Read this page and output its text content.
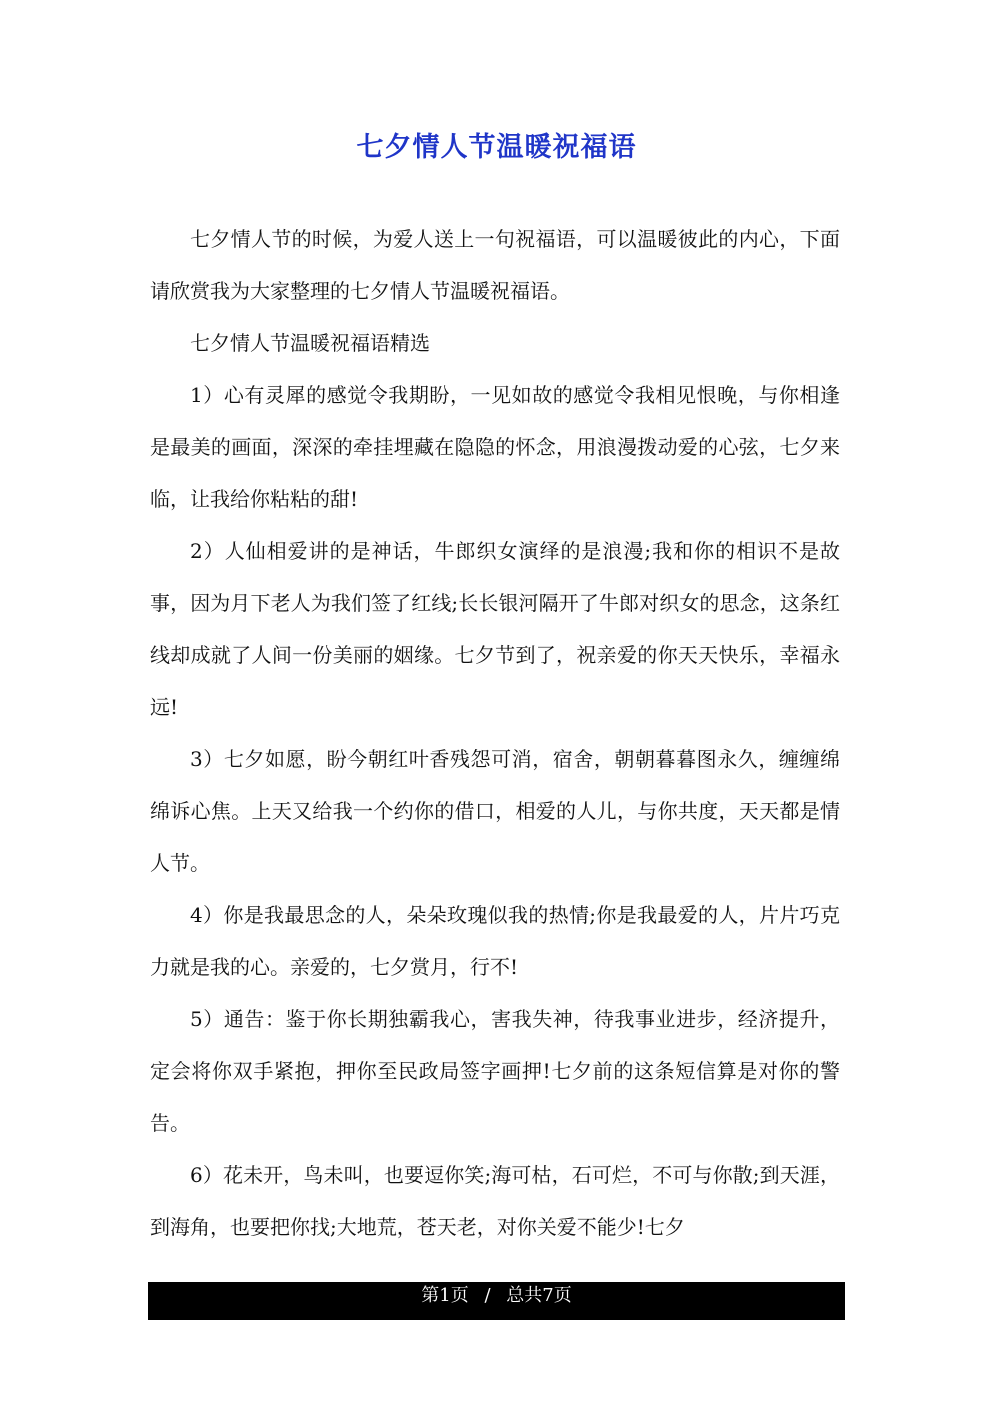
七夕情人节温暖祝福语

七夕情人节的时候，为爱人送上一句祝福语，可以温暖彼此的内心，下面请欣赏我为大家整理的七夕情人节温暖祝福语。

七夕情人节温暖祝福语精选

1）心有灵犀的感觉令我期盼，一见如故的感觉令我相见恨晚，与你相逢是最美的画面，深深的牵挂埋藏在隐隐的怀念，用浪漫拨动爱的心弦，七夕来临，让我给你粘粘的甜!

2）人仙相爱讲的是神话，牛郎织女演绎的是浪漫;我和你的相识不是故事，因为月下老人为我们签了红线;长长银河隔开了牛郎对织女的思念，这条红线却成就了人间一份美丽的姻缘。七夕节到了，祝亲爱的你天天快乐，幸福永远!

3）七夕如愿，盼今朝红叶香残怨可消，宿舍，朝朝暮暮图永久，缠缠绵绵诉心焦。上天又给我一个约你的借口，相爱的人儿，与你共度，天天都是情人节。

4）你是我最思念的人，朵朵玫瑰似我的热情;你是我最爱的人，片片巧克力就是我的心。亲爱的，七夕赏月，行不!

5）通告：鉴于你长期独霸我心，害我失神，待我事业进步，经济提升，定会将你双手紧抱，押你至民政局签字画押!七夕前的这条短信算是对你的警告。

6）花未开，鸟未叫，也要逗你笑;海可枯，石可烂，不可与你散;到天涯，到海角，也要把你找;大地荒，苍天老，对你关爱不能少!七夕

第1页 / 总共7页
